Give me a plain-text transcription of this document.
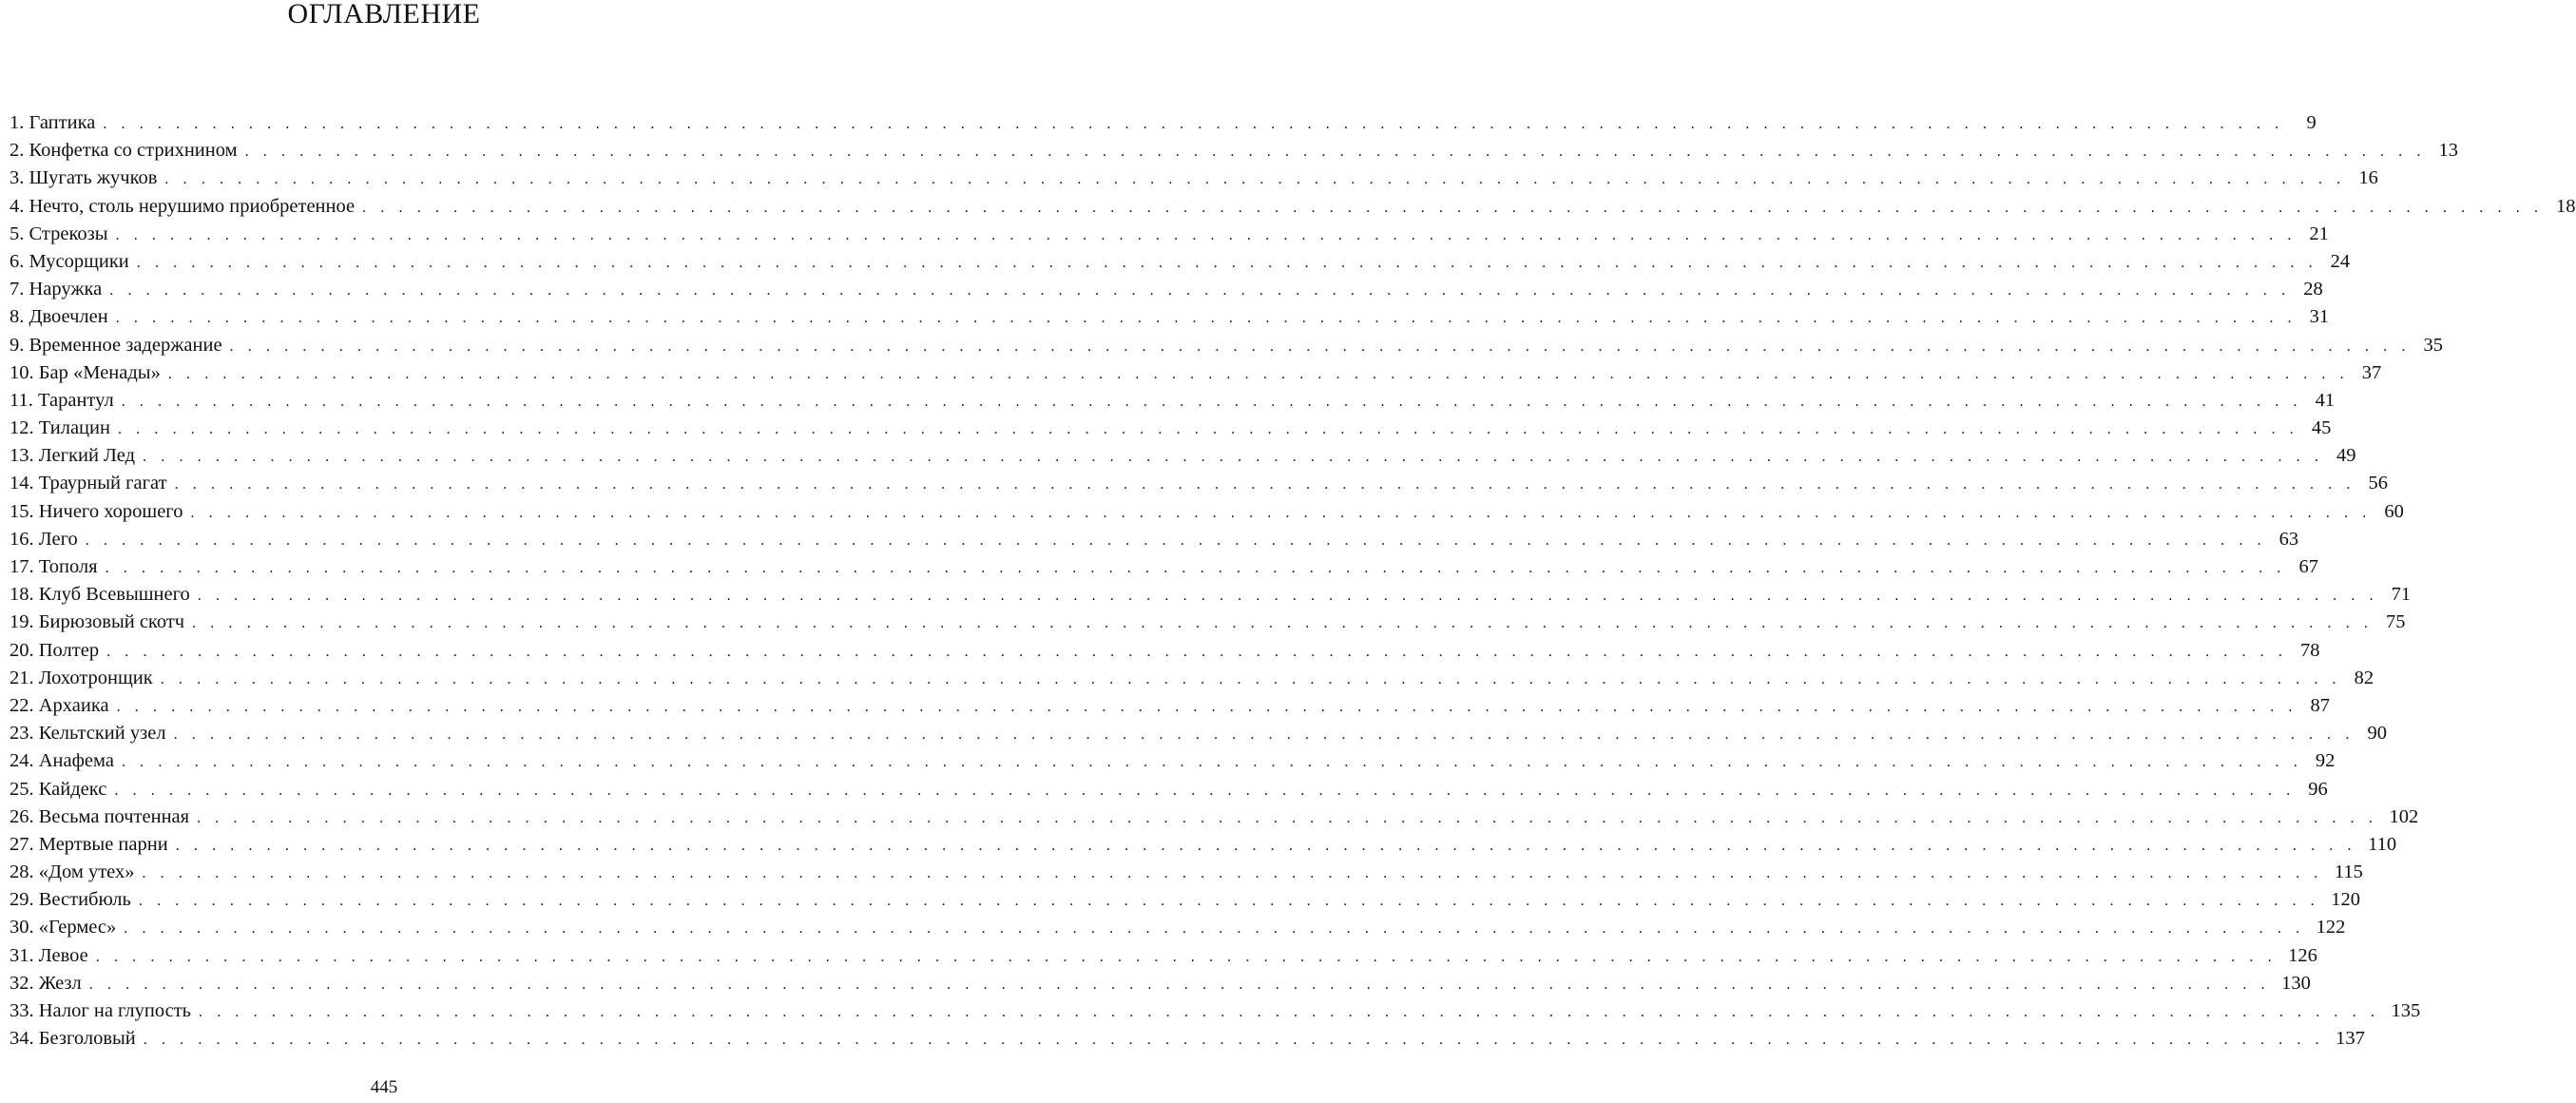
ОГЛАВЛЕНИЕ
1. Гаптика . . . . . . . . . . . . . . . . . . . . . . . . . . . . . . . . . . . . . . . . . . . . . . . . . . . . . . . . . . . . . . . . . . . . . . . . . . . . . . . . . . . . . . . . . . . . . . . . . . . . . . . . . . . . . . . . . . . . . . . .	9
2. Конфетка со стрихнином . . . . . . . . . . . . . . . . . . . . . . . . . . . . . . . . . . . . . . . . . . . . . . . . . . . . . . . . . . . . . . . . . . . . . . . . . . . . . . . . . . . . . . . . . . . . . . . . . . . . . . . . . . . . . . . . . . . . . . . . 13
3. Шугать жучков . . . . . . . . . . . . . . . . . . . . . . . . . . . . . . . . . . . . . . . . . . . . . . . . . . . . . . . . . . . . . . . . . . . . . . . . . . . . . . . . . . . . . . . . . . . . . . . . . . . . . . . . . . . . . . . . . . . . . . . . 16
4. Нечто, столь нерушимо приобретенное . . . . . . . . . . . . . . . . . . . . . . . . . . . . . . . . . . . . . . . . . . . . . . . . . . . . . . . . . . . . . . . . . . . . . . . . . . . . . . . . . . . . . . . . . . . . . . . . . . . . . . . . . . . . . . . . . . . . . . . . 18
5. Стрекозы . . . . . . . . . . . . . . . . . . . . . . . . . . . . . . . . . . . . . . . . . . . . . . . . . . . . . . . . . . . . . . . . . . . . . . . . . . . . . . . . . . . . . . . . . . . . . . . . . . . . . . . . . . . . . . . . . . . . . . . . 21
6. Мусорщики . . . . . . . . . . . . . . . . . . . . . . . . . . . . . . . . . . . . . . . . . . . . . . . . . . . . . . . . . . . . . . . . . . . . . . . . . . . . . . . . . . . . . . . . . . . . . . . . . . . . . . . . . . . . . . . . . . . . . . . . 24
7. Наружка . . . . . . . . . . . . . . . . . . . . . . . . . . . . . . . . . . . . . . . . . . . . . . . . . . . . . . . . . . . . . . . . . . . . . . . . . . . . . . . . . . . . . . . . . . . . . . . . . . . . . . . . . . . . . . . . . . . . . . . . 28
8. Двоечлен . . . . . . . . . . . . . . . . . . . . . . . . . . . . . . . . . . . . . . . . . . . . . . . . . . . . . . . . . . . . . . . . . . . . . . . . . . . . . . . . . . . . . . . . . . . . . . . . . . . . . . . . . . . . . . . . . . . . . . . . 31
9. Временное задержание . . . . . . . . . . . . . . . . . . . . . . . . . . . . . . . . . . . . . . . . . . . . . . . . . . . . . . . . . . . . . . . . . . . . . . . . . . . . . . . . . . . . . . . . . . . . . . . . . . . . . . . . . . . . . . . . . . . . . . . . 35
10. Бар «Менады» . . . . . . . . . . . . . . . . . . . . . . . . . . . . . . . . . . . . . . . . . . . . . . . . . . . . . . . . . . . . . . . . . . . . . . . . . . . . . . . . . . . . . . . . . . . . . . . . . . . . . . . . . . . . . . . . . . . . . . . . 37
11. Тарантул . . . . . . . . . . . . . . . . . . . . . . . . . . . . . . . . . . . . . . . . . . . . . . . . . . . . . . . . . . . . . . . . . . . . . . . . . . . . . . . . . . . . . . . . . . . . . . . . . . . . . . . . . . . . . . . . . . . . . . . . 41
12. Тилацин . . . . . . . . . . . . . . . . . . . . . . . . . . . . . . . . . . . . . . . . . . . . . . . . . . . . . . . . . . . . . . . . . . . . . . . . . . . . . . . . . . . . . . . . . . . . . . . . . . . . . . . . . . . . . . . . . . . . . . . . 45
13. Легкий Лед . . . . . . . . . . . . . . . . . . . . . . . . . . . . . . . . . . . . . . . . . . . . . . . . . . . . . . . . . . . . . . . . . . . . . . . . . . . . . . . . . . . . . . . . . . . . . . . . . . . . . . . . . . . . . . . . . . . . . . . . 49
14. Траурный гагат . . . . . . . . . . . . . . . . . . . . . . . . . . . . . . . . . . . . . . . . . . . . . . . . . . . . . . . . . . . . . . . . . . . . . . . . . . . . . . . . . . . . . . . . . . . . . . . . . . . . . . . . . . . . . . . . . . . . . . . . 56
15. Ничего хорошего . . . . . . . . . . . . . . . . . . . . . . . . . . . . . . . . . . . . . . . . . . . . . . . . . . . . . . . . . . . . . . . . . . . . . . . . . . . . . . . . . . . . . . . . . . . . . . . . . . . . . . . . . . . . . . . . . . . . . . . . 60
16. Лего . . . . . . . . . . . . . . . . . . . . . . . . . . . . . . . . . . . . . . . . . . . . . . . . . . . . . . . . . . . . . . . . . . . . . . . . . . . . . . . . . . . . . . . . . . . . . . . . . . . . . . . . . . . . . . . . . . . . . . . . 63
17. Тополя . . . . . . . . . . . . . . . . . . . . . . . . . . . . . . . . . . . . . . . . . . . . . . . . . . . . . . . . . . . . . . . . . . . . . . . . . . . . . . . . . . . . . . . . . . . . . . . . . . . . . . . . . . . . . . . . . . . . . . . . 67
18. Клуб Всевышнего . . . . . . . . . . . . . . . . . . . . . . . . . . . . . . . . . . . . . . . . . . . . . . . . . . . . . . . . . . . . . . . . . . . . . . . . . . . . . . . . . . . . . . . . . . . . . . . . . . . . . . . . . . . . . . . . . . . . . . . . 71
19. Бирюзовый скотч . . . . . . . . . . . . . . . . . . . . . . . . . . . . . . . . . . . . . . . . . . . . . . . . . . . . . . . . . . . . . . . . . . . . . . . . . . . . . . . . . . . . . . . . . . . . . . . . . . . . . . . . . . . . . . . . . . . . . . . . 75
20. Полтер . . . . . . . . . . . . . . . . . . . . . . . . . . . . . . . . . . . . . . . . . . . . . . . . . . . . . . . . . . . . . . . . . . . . . . . . . . . . . . . . . . . . . . . . . . . . . . . . . . . . . . . . . . . . . . . . . . . . . . . . 78
21. Лохотронщик . . . . . . . . . . . . . . . . . . . . . . . . . . . . . . . . . . . . . . . . . . . . . . . . . . . . . . . . . . . . . . . . . . . . . . . . . . . . . . . . . . . . . . . . . . . . . . . . . . . . . . . . . . . . . . . . . . . . . . . . 82
22. Архаика . . . . . . . . . . . . . . . . . . . . . . . . . . . . . . . . . . . . . . . . . . . . . . . . . . . . . . . . . . . . . . . . . . . . . . . . . . . . . . . . . . . . . . . . . . . . . . . . . . . . . . . . . . . . . . . . . . . . . . . . 87
23. Кельтский узел . . . . . . . . . . . . . . . . . . . . . . . . . . . . . . . . . . . . . . . . . . . . . . . . . . . . . . . . . . . . . . . . . . . . . . . . . . . . . . . . . . . . . . . . . . . . . . . . . . . . . . . . . . . . . . . . . . . . . . . . 90
24. Анафема . . . . . . . . . . . . . . . . . . . . . . . . . . . . . . . . . . . . . . . . . . . . . . . . . . . . . . . . . . . . . . . . . . . . . . . . . . . . . . . . . . . . . . . . . . . . . . . . . . . . . . . . . . . . . . . . . . . . . . . . 92
25. Кайдекс . . . . . . . . . . . . . . . . . . . . . . . . . . . . . . . . . . . . . . . . . . . . . . . . . . . . . . . . . . . . . . . . . . . . . . . . . . . . . . . . . . . . . . . . . . . . . . . . . . . . . . . . . . . . . . . . . . . . . . . . 96
26. Весьма почтенная . . . . . . . . . . . . . . . . . . . . . . . . . . . . . . . . . . . . . . . . . . . . . . . . . . . . . . . . . . . . . . . . . . . . . . . . . . . . . . . . . . . . . . . . . . . . . . . . . . . . . . . . . . . . . . . . . . . . . . . . 102
27. Мертвые парни . . . . . . . . . . . . . . . . . . . . . . . . . . . . . . . . . . . . . . . . . . . . . . . . . . . . . . . . . . . . . . . . . . . . . . . . . . . . . . . . . . . . . . . . . . . . . . . . . . . . . . . . . . . . . . . . . . . . . . . . 110
28. «Дом утех» . . . . . . . . . . . . . . . . . . . . . . . . . . . . . . . . . . . . . . . . . . . . . . . . . . . . . . . . . . . . . . . . . . . . . . . . . . . . . . . . . . . . . . . . . . . . . . . . . . . . . . . . . . . . . . . . . . . . . . . . 115
29. Вестибюль . . . . . . . . . . . . . . . . . . . . . . . . . . . . . . . . . . . . . . . . . . . . . . . . . . . . . . . . . . . . . . . . . . . . . . . . . . . . . . . . . . . . . . . . . . . . . . . . . . . . . . . . . . . . . . . . . . . . . . . . 120
30. «Гермес» . . . . . . . . . . . . . . . . . . . . . . . . . . . . . . . . . . . . . . . . . . . . . . . . . . . . . . . . . . . . . . . . . . . . . . . . . . . . . . . . . . . . . . . . . . . . . . . . . . . . . . . . . . . . . . . . . . . . . . . . 122
31. Левое . . . . . . . . . . . . . . . . . . . . . . . . . . . . . . . . . . . . . . . . . . . . . . . . . . . . . . . . . . . . . . . . . . . . . . . . . . . . . . . . . . . . . . . . . . . . . . . . . . . . . . . . . . . . . . . . . . . . . . . . 126
32. Жезл . . . . . . . . . . . . . . . . . . . . . . . . . . . . . . . . . . . . . . . . . . . . . . . . . . . . . . . . . . . . . . . . . . . . . . . . . . . . . . . . . . . . . . . . . . . . . . . . . . . . . . . . . . . . . . . . . . . . . . . . 130
33. Налог на глупость . . . . . . . . . . . . . . . . . . . . . . . . . . . . . . . . . . . . . . . . . . . . . . . . . . . . . . . . . . . . . . . . . . . . . . . . . . . . . . . . . . . . . . . . . . . . . . . . . . . . . . . . . . . . . . . . . . . . . . . . 135
34. Безголовый . . . . . . . . . . . . . . . . . . . . . . . . . . . . . . . . . . . . . . . . . . . . . . . . . . . . . . . . . . . . . . . . . . . . . . . . . . . . . . . . . . . . . . . . . . . . . . . . . . . . . . . . . . . . . . . . . . . . . . . . 137
445
